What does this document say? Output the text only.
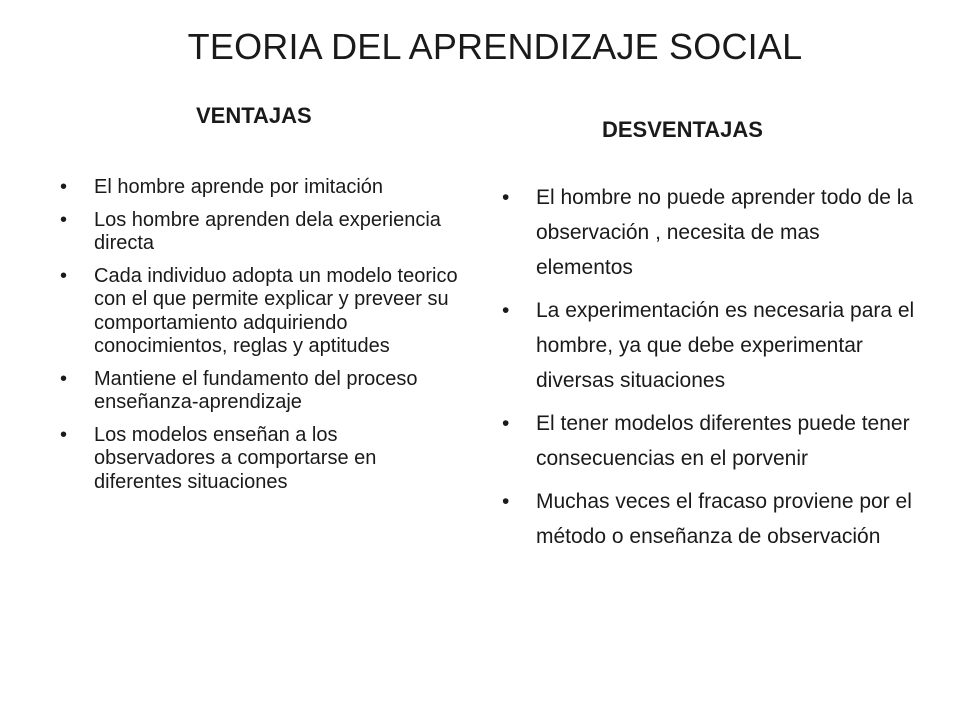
TEORIA DEL APRENDIZAJE SOCIAL
VENTAJAS
DESVENTAJAS
• El hombre aprende por imitación
• Los hombre aprenden dela experiencia directa
• Cada individuo adopta un modelo teorico con el que permite explicar y preveer su comportamiento adquiriendo conocimientos, reglas y aptitudes
• Mantiene el fundamento del proceso enseñanza-aprendizaje
• Los modelos enseñan a los observadores a comportarse en diferentes situaciones
• El hombre no puede aprender todo de la observación , necesita de mas elementos
• La experimentación es necesaria para el hombre, ya que debe experimentar diversas situaciones
• El tener modelos diferentes puede tener consecuencias en el porvenir
• Muchas veces el fracaso proviene por el método o enseñanza de observación
